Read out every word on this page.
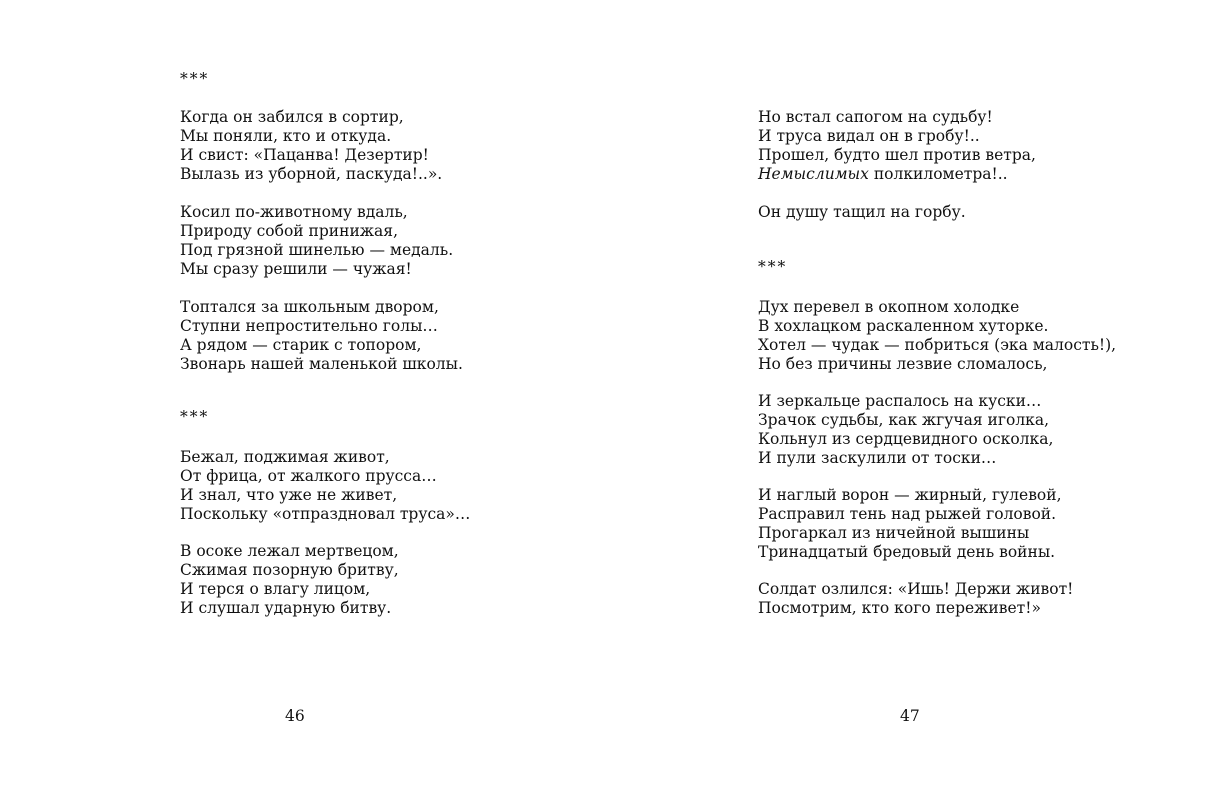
***
Когда он забился в сортир,
Мы поняли, кто и откуда.
И свист: «Пацанва! Дезертир!
Вылазь из уборной, паскуда!..».
Косил по-животному вдаль,
Природу собой принижая,
Под грязной шинелью — медаль.
Мы сразу решили — чужая!
Топтался за школьным двором,
Ступни непростительно голы…
А рядом — старик с топором,
Звонарь нашей маленькой школы.
***
Бежал, поджимая живот,
От фрица, от жалкого прусса…
И знал, что уже не живет,
Поскольку «отпраздновал труса»…
В осоке лежал мертвецом,
Сжимая позорную бритву,
И терся о влагу лицом,
И слушал ударную битву.
46
Но встал сапогом на судьбу!
И труса видал он в гробу!..
Прошел, будто шел против ветра,
Немыслимых полкилометра!..
Он душу тащил на горбу.
***
Дух перевел в окопном холодке
В хохлацком раскаленном хуторке.
Хотел — чудак — побриться (эка малость!),
Но без причины лезвие сломалось,
И зеркальце распалось на куски…
Зрачок судьбы, как жгучая иголка,
Кольнул из сердцевидного осколка,
И пули заскулили от тоски…
И наглый ворон — жирный, гулевой,
Расправил тень над рыжей головой.
Прогаркал из ничейной вышины
Тринадцатый бредовый день войны.
Солдат озлился: «Ишь! Держи живот!
Посмотрим, кто кого переживет!»
47
